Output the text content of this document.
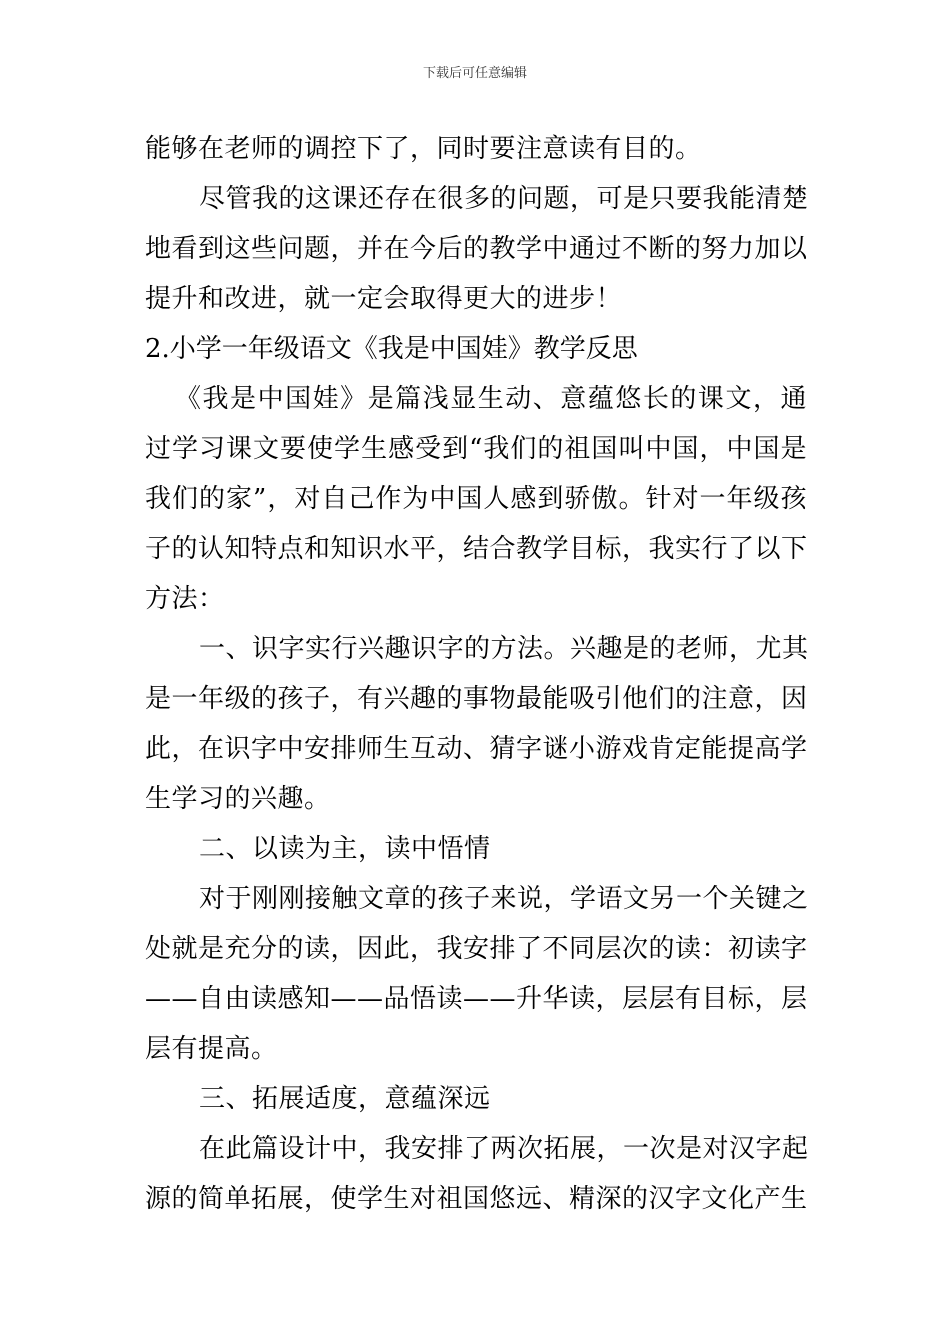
下载后可任意编辑
能够在老师的调控下了，同时要注意读有目的。
尽管我的这课还存在很多的问题，可是只要我能清楚
地看到这些问题，并在今后的教学中通过不断的努力加以
提升和改进，就一定会取得更大的进步！
2.小学一年级语文《我是中国娃》教学反思
《我是中国娃》是篇浅显生动、意蕴悠长的课文，通
过学习课文要使学生感受到“我们的祖国叫中国，中国是
我们的家”，对自己作为中国人感到骄傲。针对一年级孩
子的认知特点和知识水平，结合教学目标，我实行了以下
方法：
一、识字实行兴趣识字的方法。兴趣是的老师，尤其
是一年级的孩子，有兴趣的事物最能吸引他们的注意，因
此，在识字中安排师生互动、猜字谜小游戏肯定能提高学
生学习的兴趣。
二、以读为主，读中悟情
对于刚刚接触文章的孩子来说，学语文另一个关键之
处就是充分的读，因此，我安排了不同层次的读：初读字
——自由读感知——品悟读——升华读，层层有目标，层
层有提高。
三、拓展适度，意蕴深远
在此篇设计中，我安排了两次拓展，一次是对汉字起
源的简单拓展，使学生对祖国悠远、精深的汉字文化产生
